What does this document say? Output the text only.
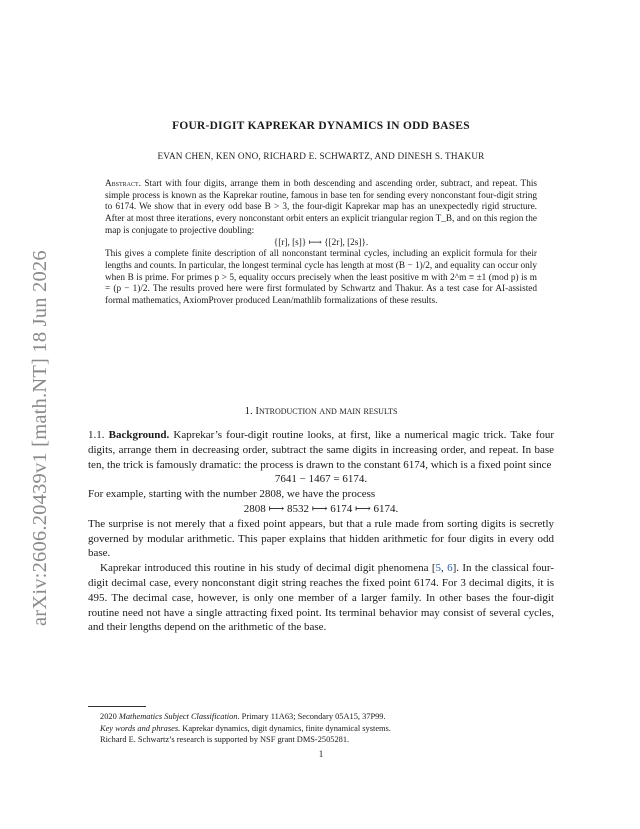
arXiv:2606.20439v1 [math.NT] 18 Jun 2026
FOUR-DIGIT KAPREKAR DYNAMICS IN ODD BASES
EVAN CHEN, KEN ONO, RICHARD E. SCHWARTZ, AND DINESH S. THAKUR

Abstract. Start with four digits, arrange them in both descending and ascending order, subtract, and repeat. This simple process is known as the Kaprekar routine, famous in base ten for sending every nonconstant four-digit string to 6174. We show that in every odd base B > 3, the four-digit Kaprekar map has an unexpectedly rigid structure. After at most three iterations, every nonconstant orbit enters an explicit triangular region T_B, and on this region the map is conjugate to projective doubling:

{[r], [s]} ⟼ {[2r], [2s]}.

This gives a complete finite description of all nonconstant terminal cycles, including an explicit formula for their lengths and counts. In particular, the longest terminal cycle has length at most (B − 1)/2, and equality can occur only when B is prime. For primes p > 5, equality occurs precisely when the least positive m with 2^m ≡ ±1 (mod p) is m = (p − 1)/2. The results proved here were first formulated by Schwartz and Thakur. As a test case for AI-assisted formal mathematics, AxiomProver produced Lean/mathlib formalizations of these results.

1. Introduction and main results

1.1. Background. Kaprekar’s four-digit routine looks, at first, like a numerical magic trick. Take four digits, arrange them in decreasing order, subtract the same digits in increasing order, and repeat. In base ten, the trick is famously dramatic: the process is drawn to the constant 6174, which is a fixed point since

7641 − 1467 = 6174.

For example, starting with the number 2808, we have the process

2808 ⟼ 8532 ⟼ 6174 ⟼ 6174.

The surprise is not merely that a fixed point appears, but that a rule made from sorting digits is secretly governed by modular arithmetic. This paper explains that hidden arithmetic for four digits in every odd base.

Kaprekar introduced this routine in his study of decimal digit phenomena [5, 6]. In the classical four-digit decimal case, every nonconstant digit string reaches the fixed point 6174. For 3 decimal digits, it is 495. The decimal case, however, is only one member of a larger family. In other bases the four-digit routine need not have a single attracting fixed point. Its terminal behavior may consist of several cycles, and their lengths depend on the arithmetic of the base.

2020 Mathematics Subject Classification. Primary 11A63; Secondary 05A15, 37P99.

Key words and phrases. Kaprekar dynamics, digit dynamics, finite dynamical systems.

Richard E. Schwartz’s research is supported by NSF grant DMS-2505281.

1
